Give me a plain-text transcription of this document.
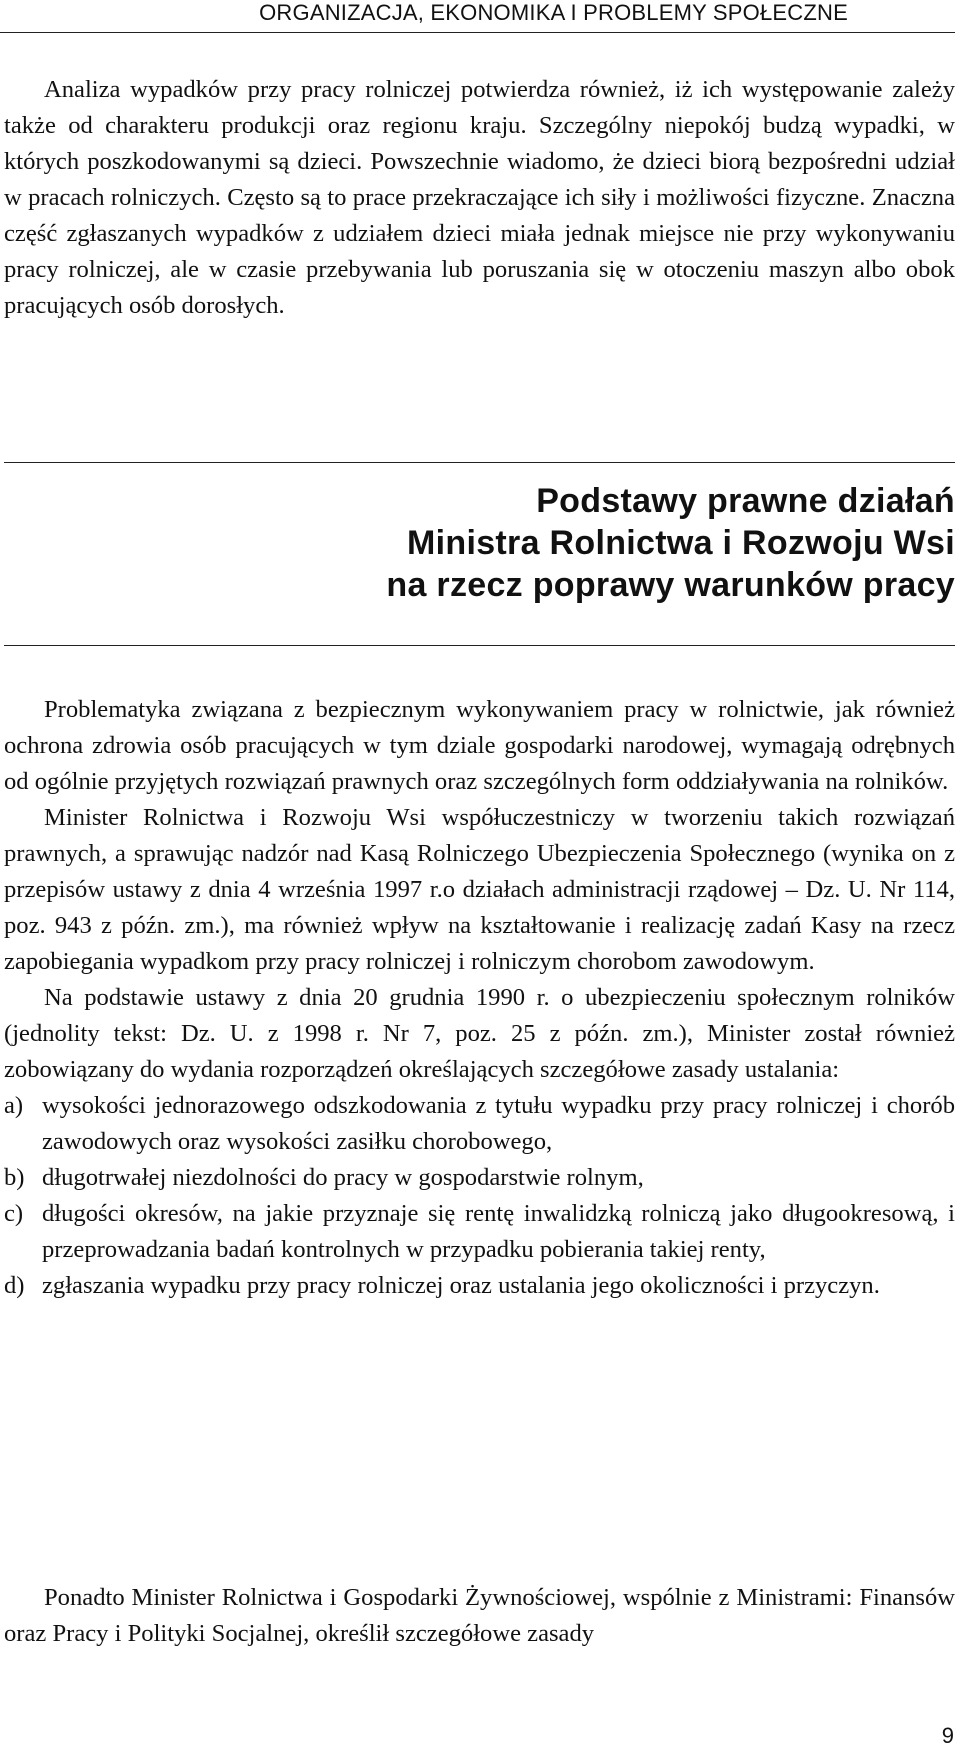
ORGANIZACJA, EKONOMIKA I PROBLEMY SPOŁECZNE

Analiza wypadków przy pracy rolniczej potwierdza również, iż ich występowanie zależy także od charakteru produkcji oraz regionu kraju. Szczególny niepokój budzą wypadki, w których poszkodowanymi są dzieci. Powszechnie wiadomo, że dzieci biorą bezpośredni udział w pracach rolniczych. Często są to prace przekraczające ich siły i możliwości fizyczne. Znaczna część zgłaszanych wypadków z udziałem dzieci miała jednak miejsce nie przy wykonywaniu pracy rolniczej, ale w czasie przebywania lub poruszania się w otoczeniu maszyn albo obok pracujących osób dorosłych.

Podstawy prawne działań
Ministra Rolnictwa i Rozwoju Wsi
na rzecz poprawy warunków pracy

Problematyka związana z bezpiecznym wykonywaniem pracy w rolnictwie, jak również ochrona zdrowia osób pracujących w tym dziale gospodarki narodowej, wymagają odrębnych od ogólnie przyjętych rozwiązań prawnych oraz szczególnych form oddziaływania na rolników.

Minister Rolnictwa i Rozwoju Wsi współuczestniczy w tworzeniu takich rozwiązań prawnych, a sprawując nadzór nad Kasą Rolniczego Ubezpieczenia Społecznego (wynika on z przepisów ustawy z dnia 4 września 1997 r.o działach administracji rządowej – Dz. U. Nr 114, poz. 943 z późn. zm.), ma również wpływ na kształtowanie i realizację zadań Kasy na rzecz zapobiegania wypadkom przy pracy rolniczej i rolniczym chorobom zawodowym.

Na podstawie ustawy z dnia 20 grudnia 1990 r. o ubezpieczeniu społecznym rolników (jednolity tekst: Dz. U. z 1998 r. Nr 7, poz. 25 z późn. zm.), Minister został również zobowiązany do wydania rozporządzeń określających szczegółowe zasady ustalania:

a) wysokości jednorazowego odszkodowania z tytułu wypadku przy pracy rolniczej i chorób zawodowych oraz wysokości zasiłku chorobowego,
b) długotrwałej niezdolności do pracy w gospodarstwie rolnym,
c) długości okresów, na jakie przyznaje się rentę inwalidzką rolniczą jako długookresową, i przeprowadzania badań kontrolnych w przypadku pobierania takiej renty,
d) zgłaszania wypadku przy pracy rolniczej oraz ustalania jego okoliczności i przyczyn.

Ponadto Minister Rolnictwa i Gospodarki Żywnościowej, wspólnie z Ministrami: Finansów oraz Pracy i Polityki Socjalnej, określił szczegółowe zasady

9
